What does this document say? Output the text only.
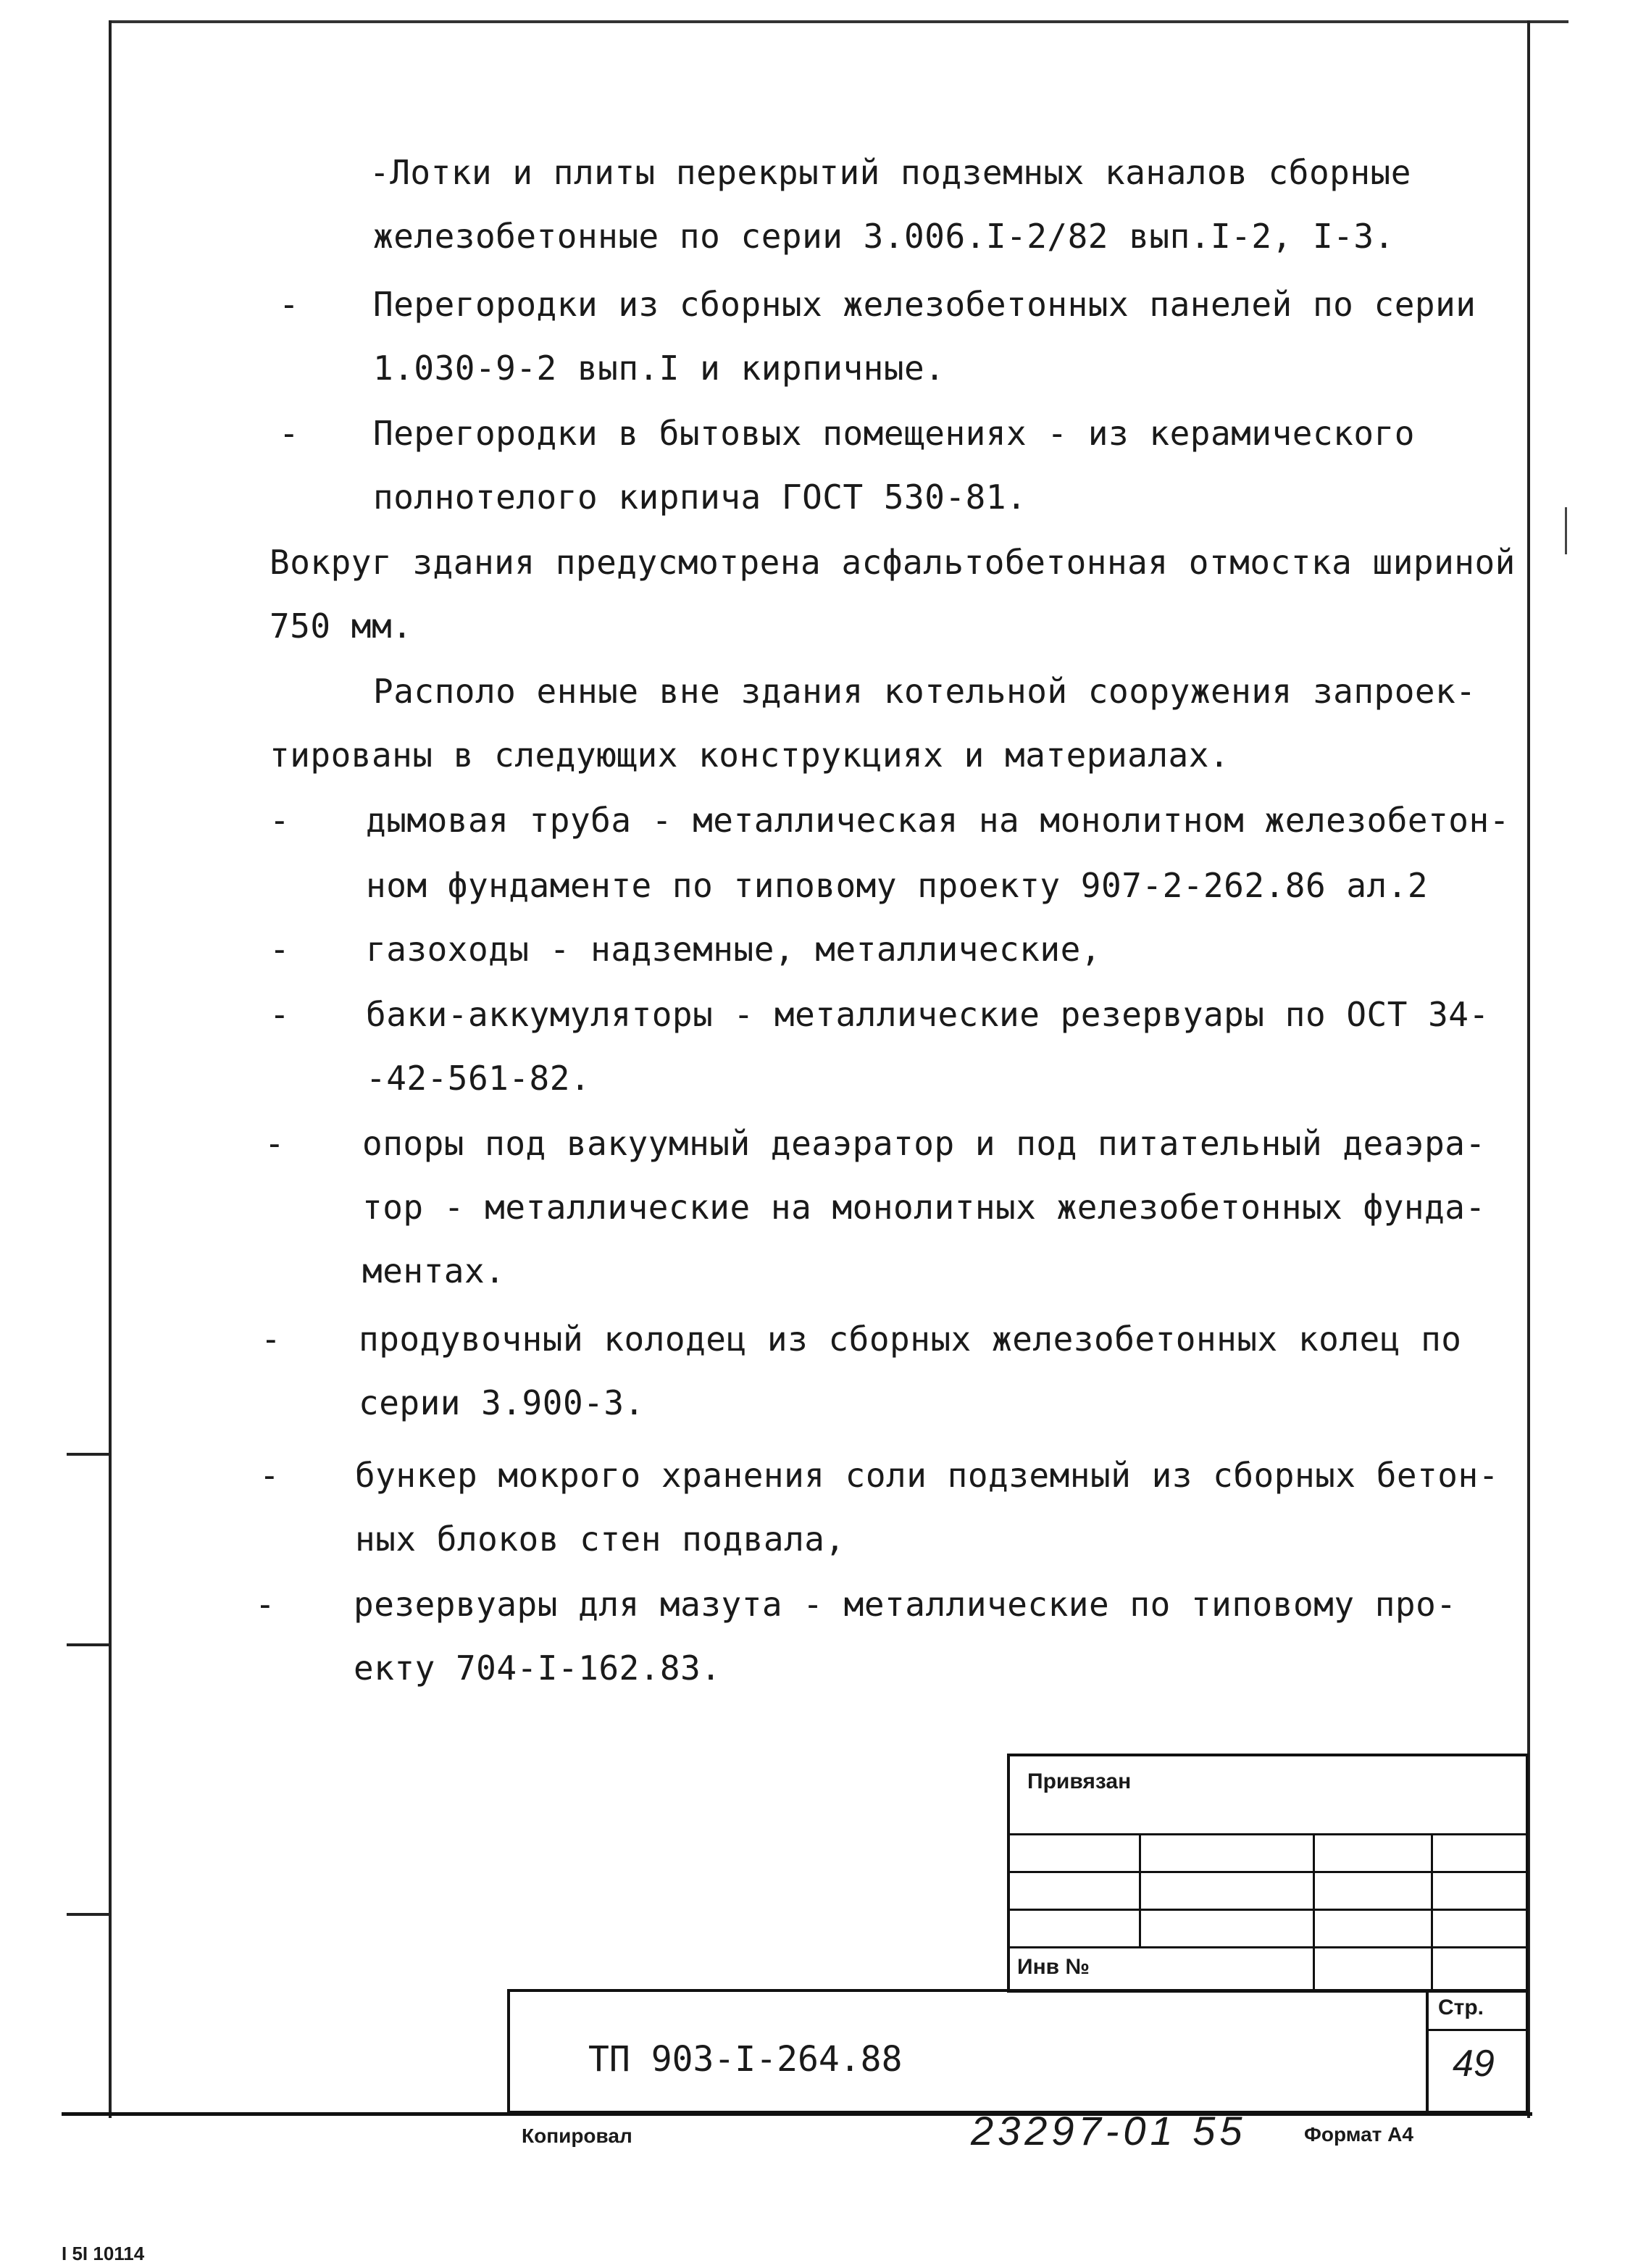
-Лотки и плиты перекрытий подземных каналов сборные
железобетонные по серии 3.006.I-2/82 вып.I-2, I-3.
- Перегородки из сборных железобетонных панелей по серии
1.030-9-2 вып.I и кирпичные.
- Перегородки в бытовых помещениях - из керамического
полнотелого кирпича ГОСТ 530-81.
Вокруг здания предусмотрена асфальтобетонная отмостка шириной
750 мм.
Располо енные вне здания котельной сооружения запроек-
тированы в следующих конструкциях и материалах.
- дымовая труба - металлическая на монолитном железобетон-
ном фундаменте по типовому проекту 907-2-262.86 ал.2
- газоходы - надземные, металлические,
- баки-аккумуляторы - металлические резервуары по ОСТ 34-
-42-561-82.
- опоры под вакуумный деаэратор и под питательный деаэра-
тор - металлические на монолитных железобетонных фунда-
ментах.
- продувочный колодец из сборных железобетонных колец по
серии 3.900-3.
- бункер мокрого хранения соли подземный из сборных бетон-
ных блоков стен подвала,
- резервуары для мазута - металлические по типовому про-
екту 704-I-162.83.
Привязан
Инв №
ТП 903-I-264.88
Стр.
49
Копировал	23297-01 55	Формат А4
I 5I 10114
